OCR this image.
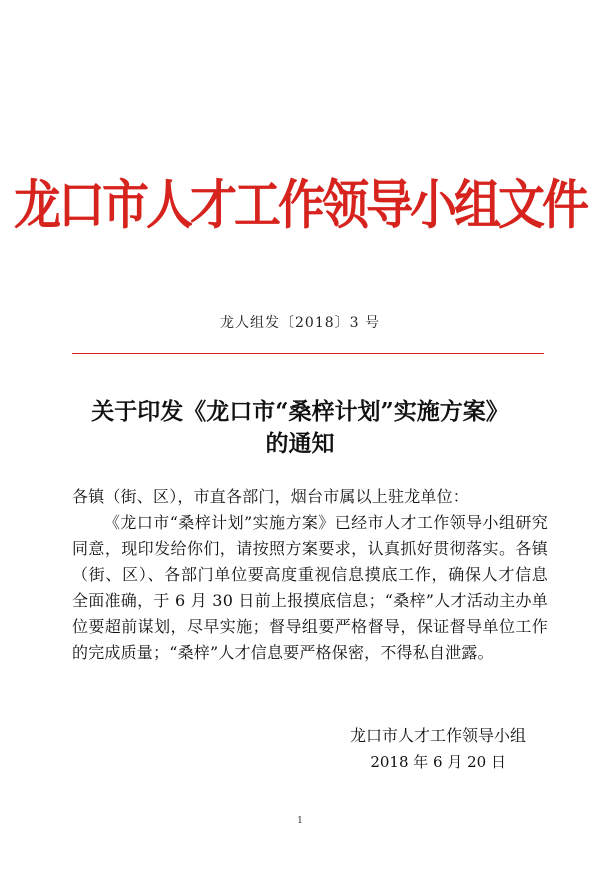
龙口市人才工作领导小组文件
龙人组发〔2018〕3 号
关于印发《龙口市“桑梓计划”实施方案》
的通知

各镇（街、区），市直各部门，烟台市属以上驻龙单位：

《龙口市“桑梓计划”实施方案》已经市人才工作领导小组研究同意，现印发给你们，请按照方案要求，认真抓好贯彻落实。各镇（街、区）、各部门单位要高度重视信息摸底工作，确保人才信息全面准确，于 6 月 30 日前上报摸底信息；“桑梓”人才活动主办单位要超前谋划，尽早实施；督导组要严格督导，保证督导单位工作的完成质量；“桑梓”人才信息要严格保密，不得私自泄露。

龙口市人才工作领导小组
2018 年 6 月 20 日
1
